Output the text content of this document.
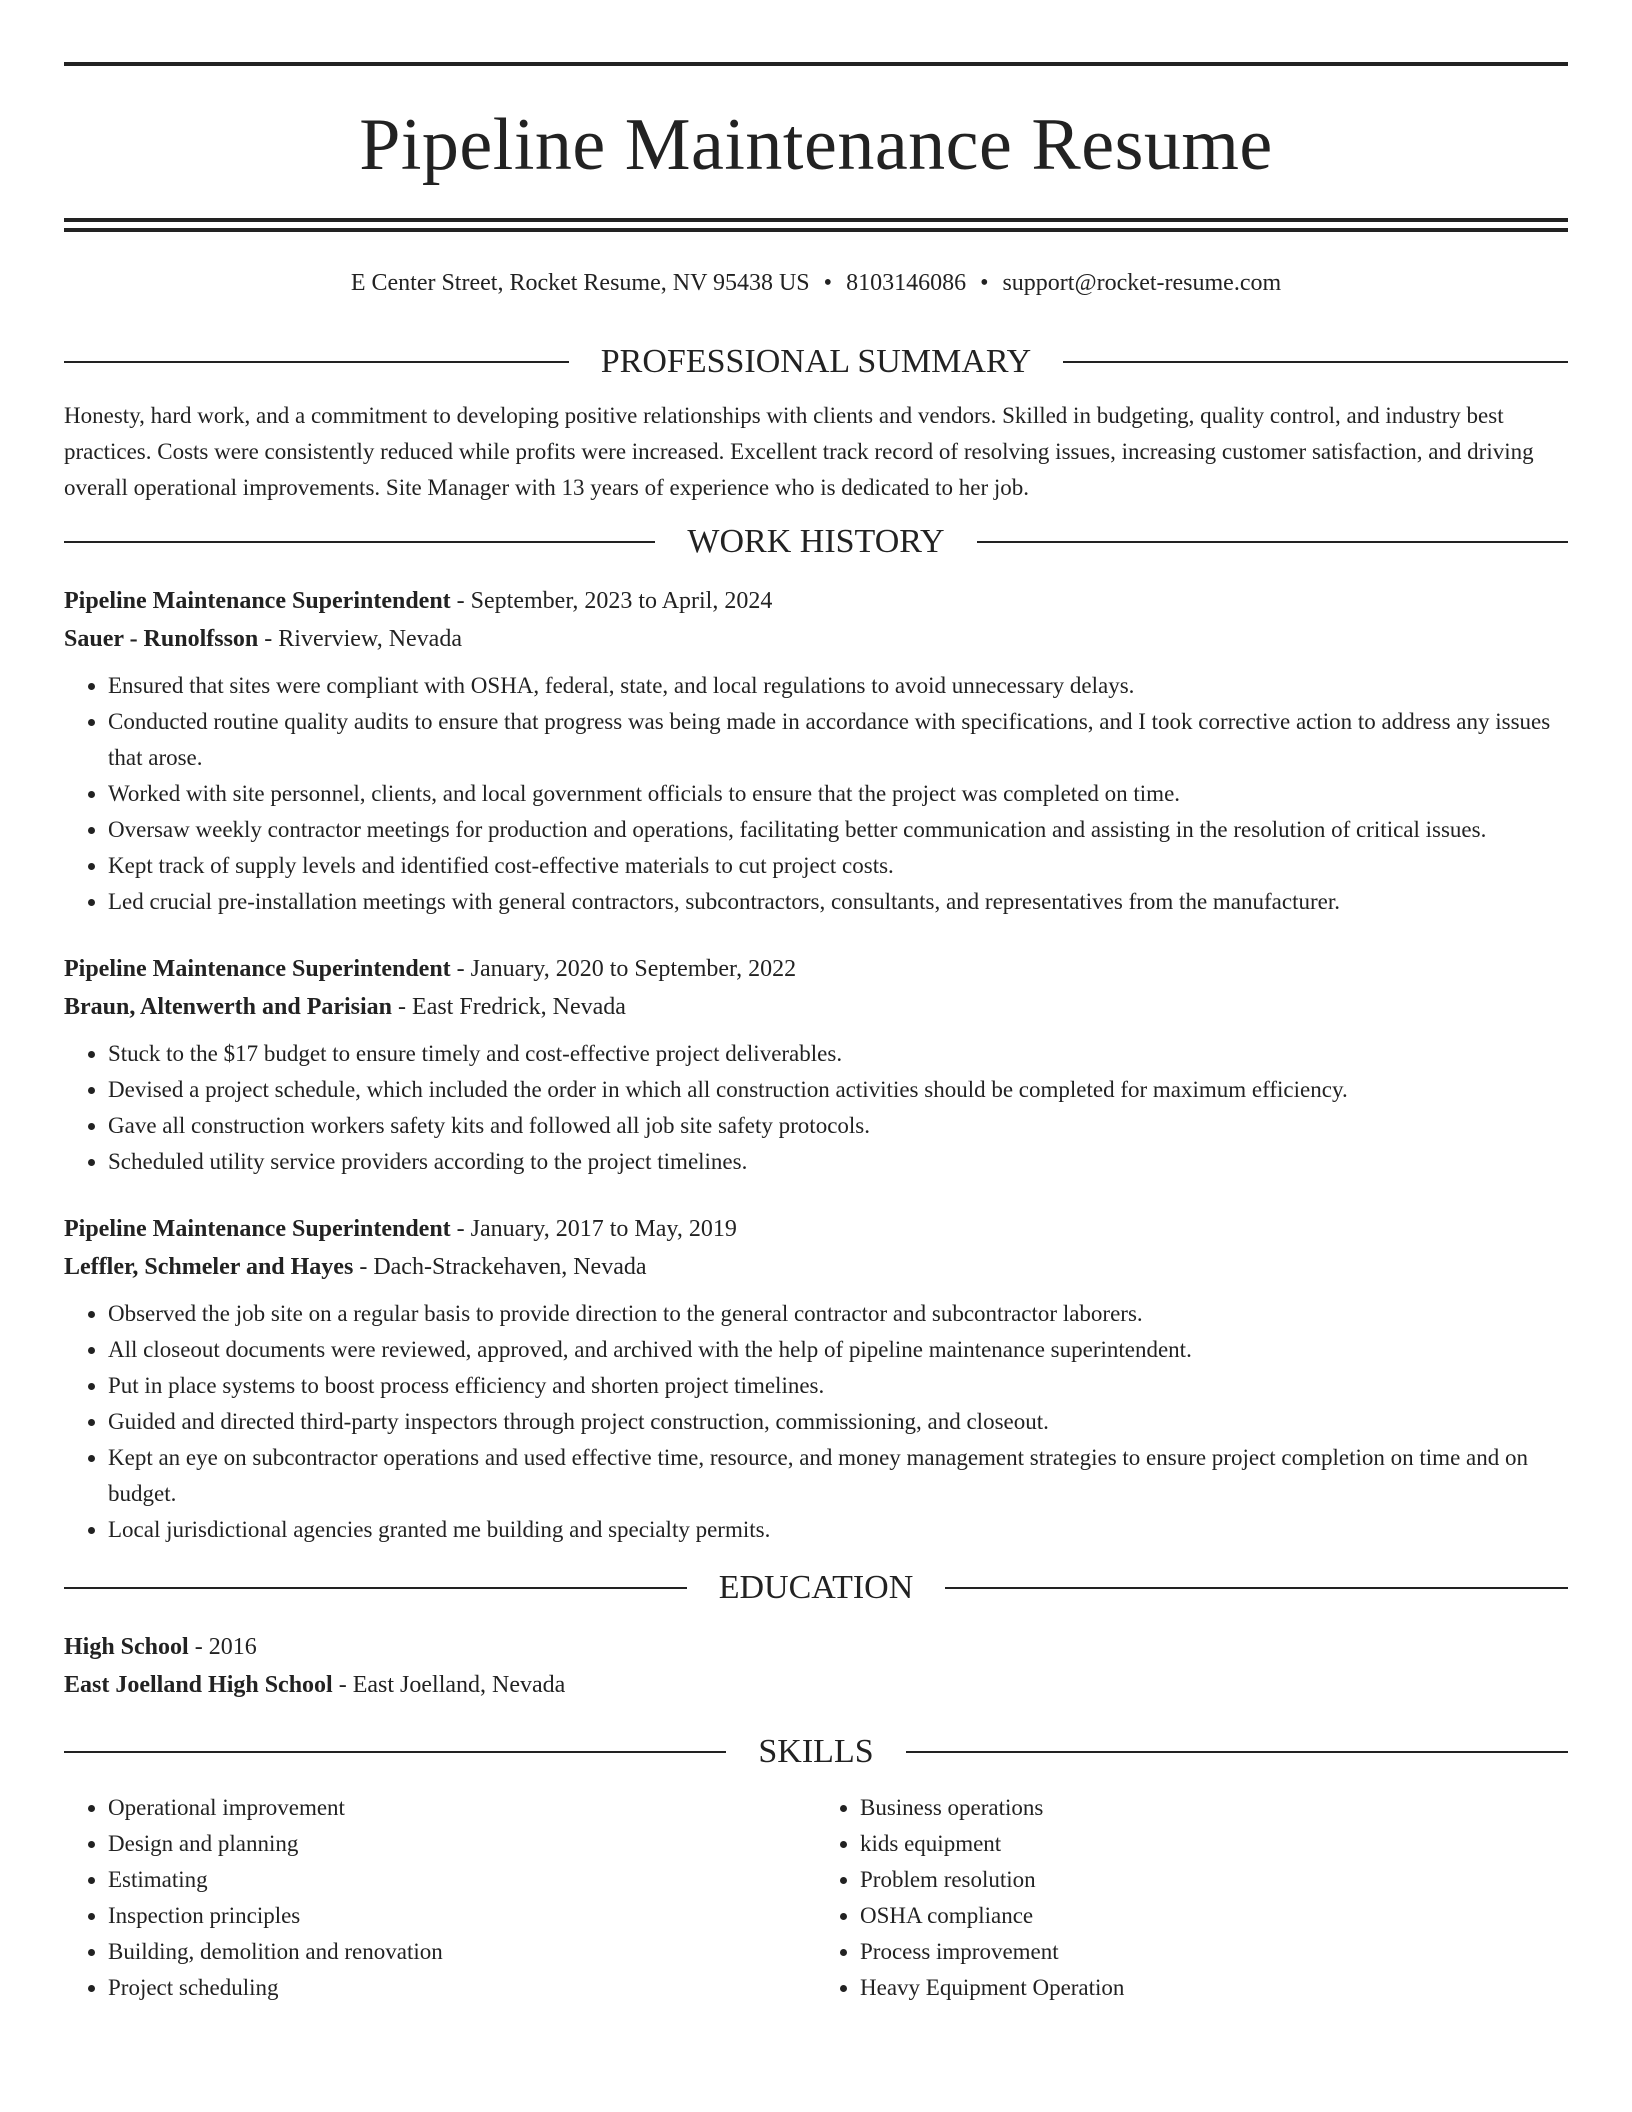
Pipeline Maintenance Resume
E Center Street, Rocket Resume, NV 95438 US • 8103146086 • support@rocket-resume.com
PROFESSIONAL SUMMARY
Honesty, hard work, and a commitment to developing positive relationships with clients and vendors. Skilled in budgeting, quality control, and industry best practices. Costs were consistently reduced while profits were increased. Excellent track record of resolving issues, increasing customer satisfaction, and driving overall operational improvements. Site Manager with 13 years of experience who is dedicated to her job.
WORK HISTORY
Pipeline Maintenance Superintendent - September, 2023 to April, 2024
Sauer - Runolfsson - Riverview, Nevada
• Ensured that sites were compliant with OSHA, federal, state, and local regulations to avoid unnecessary delays.
• Conducted routine quality audits to ensure that progress was being made in accordance with specifications, and I took corrective action to address any issues that arose.
• Worked with site personnel, clients, and local government officials to ensure that the project was completed on time.
• Oversaw weekly contractor meetings for production and operations, facilitating better communication and assisting in the resolution of critical issues.
• Kept track of supply levels and identified cost-effective materials to cut project costs.
• Led crucial pre-installation meetings with general contractors, subcontractors, consultants, and representatives from the manufacturer.
Pipeline Maintenance Superintendent - January, 2020 to September, 2022
Braun, Altenwerth and Parisian - East Fredrick, Nevada
• Stuck to the $17 budget to ensure timely and cost-effective project deliverables.
• Devised a project schedule, which included the order in which all construction activities should be completed for maximum efficiency.
• Gave all construction workers safety kits and followed all job site safety protocols.
• Scheduled utility service providers according to the project timelines.
Pipeline Maintenance Superintendent - January, 2017 to May, 2019
Leffler, Schmeler and Hayes - Dach-Strackehaven, Nevada
• Observed the job site on a regular basis to provide direction to the general contractor and subcontractor laborers.
• All closeout documents were reviewed, approved, and archived with the help of pipeline maintenance superintendent.
• Put in place systems to boost process efficiency and shorten project timelines.
• Guided and directed third-party inspectors through project construction, commissioning, and closeout.
• Kept an eye on subcontractor operations and used effective time, resource, and money management strategies to ensure project completion on time and on budget.
• Local jurisdictional agencies granted me building and specialty permits.
EDUCATION
High School - 2016
East Joelland High School - East Joelland, Nevada
SKILLS
• Operational improvement
• Design and planning
• Estimating
• Inspection principles
• Building, demolition and renovation
• Project scheduling
• Business operations
• kids equipment
• Problem resolution
• OSHA compliance
• Process improvement
• Heavy Equipment Operation
